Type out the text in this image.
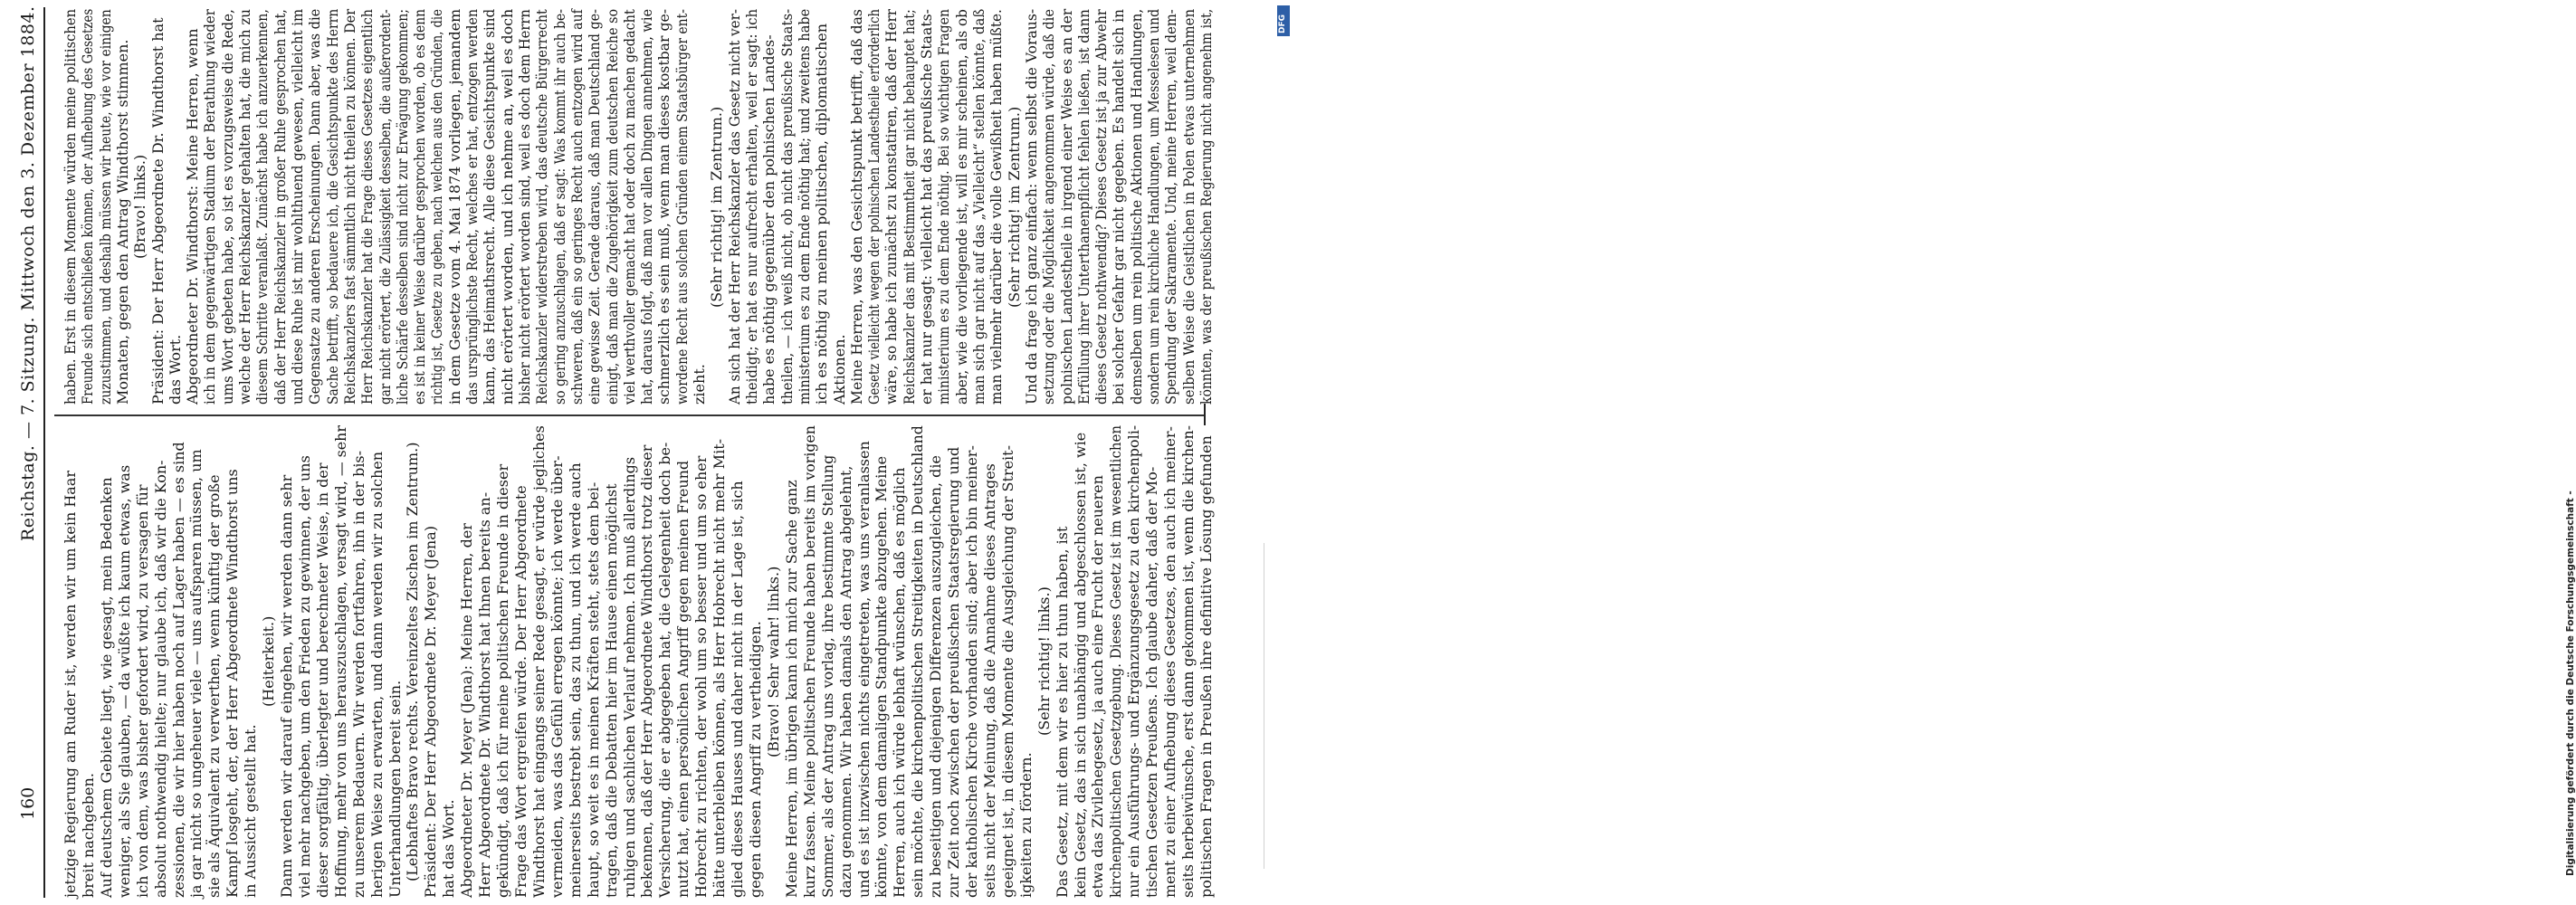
160
Reichstag. — 7. Sitzung. Mittwoch den 3. Dezember 1884.
jetzige Regierung am Ruder ist, werden wir um kein Haar breit nachgeben. Auf deutschem Gebiete liegt, wie gesagt, mein Bedenken weniger, als Sie glauben, — da wüßte ich kaum etwas, was ich von dem, was bisher gefordert wird, zu versagen für absolut nothwendig hielte; nur glaube ich, daß wir die Kon- zessionen, die wir hier haben noch auf Lager haben — es sind ja gar nicht so ungeheuer viele — uns aufsparen müssen, um sie als Äquivalent zu verwerthen, wenn künftig der große Kampf losgeht, der, der Herr Abgeordnete Windthorst uns in Aussicht gestellt hat.
(Heiterkeit.) Dann werden wir darauf eingehen, wir werden dann sehr viel mehr nachgeben, um den Frieden zu gewinnen, der uns dieser sorgfältig, überlegter und berechneter Weise, in der Hoffnung, mehr von uns herauszuschlagen, versagt wird, — sehr zu unserem Bedauern. Wir werden fortfahren, ihn in der bis- herigen Weise zu erwarten, und dann werden wir zu solchen Unterhandlungen bereit sein. (Lebhaftes Bravo rechts. Vereinzeltes Zischen im Zentrum.) Präsident: Der Herr Abgeordnete Dr. Meyer (Jena) hat das Wort. Abgeordneter Dr. Meyer (Jena): Meine Herren, der Herr Abgeordnete Dr. Windthorst hat Ihnen bereits an- gekündigt, daß ich für meine politischen Freunde in dieser Frage das Wort ergreifen würde. Der Herr Abgeordnete Windthorst hat eingangs seiner Rede gesagt, er würde jegliches vermeiden, was das Gefühl erregen könnte; ich werde über- meinerseits bestrebt sein, das zu thun, und ich werde auch haupt, so weit es in meinen Kräften steht, stets dem bei- tragen, daß die Debatten hier im Hause einen möglichst ruhigen und sachlichen Verlauf nehmen. Ich muß allerdings bekennen, daß der Herr Abgeordnete Windthorst trotz dieser Versicherung, die er abgegeben hat, die Gelegenheit doch be- nutzt hat, einen persönlichen Angriff gegen meinen Freund Hobrecht zu richten, der wohl um so besser und um so eher hätte unterbleiben können, als Herr Hobrecht nicht mehr Mit- glied dieses Hauses und daher nicht in der Lage ist, sich gegen diesen Angriff zu vertheidigen. (Bravo! Sehr wahr! links.) Meine Herren, im übrigen kann ich mich zur Sache ganz kurz fassen. Meine politischen Freunde haben bereits im vorigen Sommer, als der Antrag uns vorlag, ihre bestimmte Stellung dazu genommen. Wir haben damals den Antrag abgelehnt, und es ist inzwischen nichts eingetreten, was uns veranlassen könnte, von dem damaligen Standpunkte abzugehen. Meine Herren, auch ich würde lebhaft wünschen, daß es möglich sein möchte, die kirchenpolitischen Streitigkeiten in Deutschland zu beseitigen und diejenigen Differenzen auszugleichen, die zur Zeit noch zwischen der preußischen Staatsregierung und der katholischen Kirche vorhanden sind; aber ich bin meiner- seits nicht der Meinung, daß die Annahme dieses Antrages geeignet ist, in diesem Momente die Ausgleichung der Streit- igkeiten zu fördern.
(Sehr richtig! links.) Das Gesetz, mit dem wir es hier zu thun haben, ist kein Gesetz, das in sich unabhängig und abgeschlossen ist, wie etwa das Zivilehegesetz, ja auch eine Frucht der neueren kirchenpolitischen Gesetzgebung. Dieses Gesetz ist im wesentlichen nur ein Ausführungs- und Ergänzungsgesetz zu den kirchenpoli- tischen Gesetzen Preußens. Ich glaube daher, daß der Mo- ment zu einer Aufhebung dieses Gesetzes, den auch ich meiner- seits herbeiwünsche, erst dann gekommen ist, wenn die kirchen- politischen Fragen in Preußen ihre definitive Lösung gefunden
haben. Erst in diesem Momente würden meine politischen Freunde sich entschließen können, der Aufhebung des Gesetzes zuzustimmen, und deshalb müssen wir heute, wie vor einigen Monaten, gegen den Antrag Windthorst stimmen. (Bravo! links.) Präsident: Der Herr Abgeordnete Dr. Windthorst hat das Wort. Abgeordneter Dr. Windthorst: Meine Herren, wenn ich in dem gegenwärtigen Stadium der Berathung wieder ums Wort gebeten habe, so ist es vorzugsweise die Rede, welche der Herr Reichskanzler gehalten hat, die mich zu diesem Schritte veranlaßt. Zunächst habe ich anzuerkennen, daß der Herr Reichskanzler in großer Ruhe gesprochen hat, und diese Ruhe ist mir wohlthuend gewesen, vielleicht im Gegensatze zu anderen Erscheinungen. Dann aber, was die Sache betrifft, so bedauere ich, die Gesichtspunkte des Herrn Reichskanzlers fast sämmtlich nicht theilen zu können. Der Herr Reichskanzler hat die Frage dieses Gesetzes eigentlich gar nicht erörtert, die Zulässigkeit desselben, die außerordent- liche Schärfe desselben sind nicht zur Erwägung gekommen; es ist in keiner Weise darüber gesprochen worden, ob es denn richtig ist, Gesetze zu geben, nach welchen aus den Gründen, die in dem Gesetze vom 4. Mai 1874 vorliegen, jemandem das ursprünglichste Recht, welches er hat, entzogen werden kann, das Heimathsrecht. Alle diese Gesichtspunkte sind nicht erörtert worden, und ich nehme an, weil es doch bisher nicht erörtert worden sind, weil es doch dem Herrn Reichskanzler widerstreben wird, das deutsche Bürgerrecht so gering anzuschlagen, daß er sagt: Was kommt ihr auch be- schweren, daß ein so geringes Recht auch entzogen wird auf eine gewisse Zeit. Gerade daraus, daß man Deutschland ge- einigt, daß man die Zugehörigkeit zum deutschen Reiche so viel werthvoller gemacht hat oder doch zu machen gedacht hat, daraus folgt, daß man vor allen Dingen annehmen, wie schmerzlich es sein muß, wenn man dieses kostbar ge- wordene Recht aus solchen Gründen einem Staatsbürger ent- zieht.
(Sehr richtig! im Zentrum.) An sich hat der Herr Reichskanzler das Gesetz nicht ver- theidigt; er hat es nur aufrecht erhalten, weil er sagt: ich habe es nöthig gegenüber den polnischen Landes- theilen, — ich weiß nicht, ob nicht das preußische Staats- ministerium es zu dem Ende nöthig hat; und zweitens habe ich es nöthig zu meinen politischen, diplomatischen Aktionen. Meine Herren, was den Gesichtspunkt betrifft, daß das Gesetz vielleicht wegen der polnischen Landestheile erforderlich wäre, so habe ich zunächst zu konstatiren, daß der Herr Reichskanzler das mit Bestimmtheit gar nicht behauptet hat; er hat nur gesagt: vielleicht hat das preußische Staats- ministerium es zu dem Ende nöthig. Bei so wichtigen Fragen aber, wie die vorliegende ist, will es mir scheinen, als ob man sich gar nicht auf das „Vielleicht“ stellen könnte, daß man vielmehr darüber die volle Gewißheit haben müßte. (Sehr richtig! im Zentrum.) Und da frage ich ganz einfach: wenn selbst die Voraus- setzung oder die Möglichkeit angenommen würde, daß die polnischen Landestheile in irgend einer Weise es an der Erfüllung ihrer Unterthanenpflicht fehlen ließen, ist dann dieses Gesetz nothwendig? Dieses Gesetz ist ja zur Abwehr bei solcher Gefahr gar nicht gegeben. Es handelt sich in demselben um rein politische Aktionen und Handlungen, sondern um rein kirchliche Handlungen, um Messelesen und Spendung der Sakramente. Und, meine Herren, weil dem- selben Weise die Geistlichen in Polen etwas unternehmen könnten, was der preußischen Regierung nicht angenehm ist,
Digitalisierung gefördert durch die Deutsche Forschungsgemeinschaft -
DFG
